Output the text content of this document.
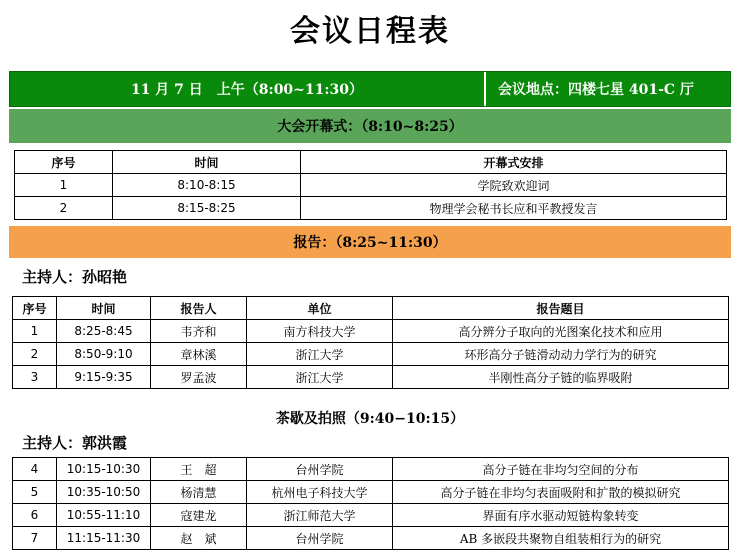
会议日程表
11 月 7 日　上午（8:00~11:30）	会议地点：四楼七星 401-C 厅
大会开幕式：（8:10~8:25）
序号	时间	开幕式安排
1	8:10-8:15	学院致欢迎词
2	8:15-8:25	物理学会秘书长应和平教授发言
报告：（8:25~11:30）
主持人：孙昭艳
序号	时间	报告人	单位	报告题目
1	8:25-8:45	韦齐和	南方科技大学	高分辨分子取向的光图案化技术和应用
2	8:50-9:10	章林溪	浙江大学	环形高分子链滑动动力学行为的研究
3	9:15-9:35	罗孟波	浙江大学	半刚性高分子链的临界吸附
茶歇及拍照（9:40−10:15）
主持人：郭洪霞
4	10:15-10:30	王　超	台州学院	高分子链在非均匀空间的分布
5	10:35-10:50	杨清慧	杭州电子科技大学	高分子链在非均匀表面吸附和扩散的模拟研究
6	10:55-11:10	寇建龙	浙江师范大学	界面有序水驱动短链构象转变
7	11:15-11:30	赵　斌	台州学院	AB 多嵌段共聚物自组装相行为的研究
